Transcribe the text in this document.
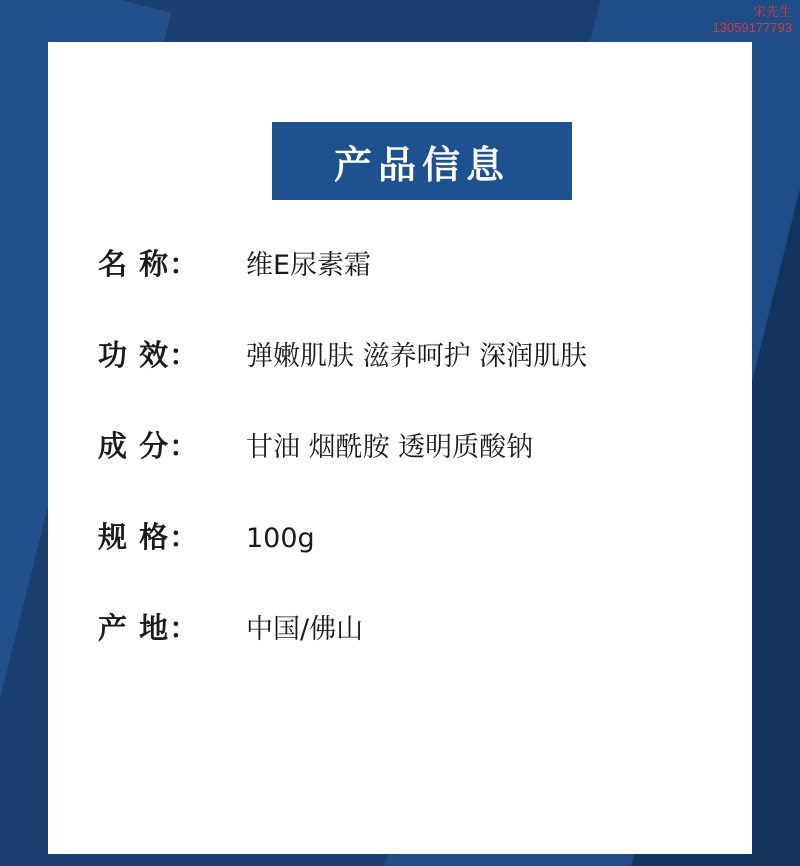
宋先生
13059177793
产品信息
名 称：	维E尿素霜
功 效：	弹嫩肌肤 滋养呵护 深润肌肤
成 分：	甘油 烟酰胺 透明质酸钠
规 格：	100g
产 地：	中国/佛山
